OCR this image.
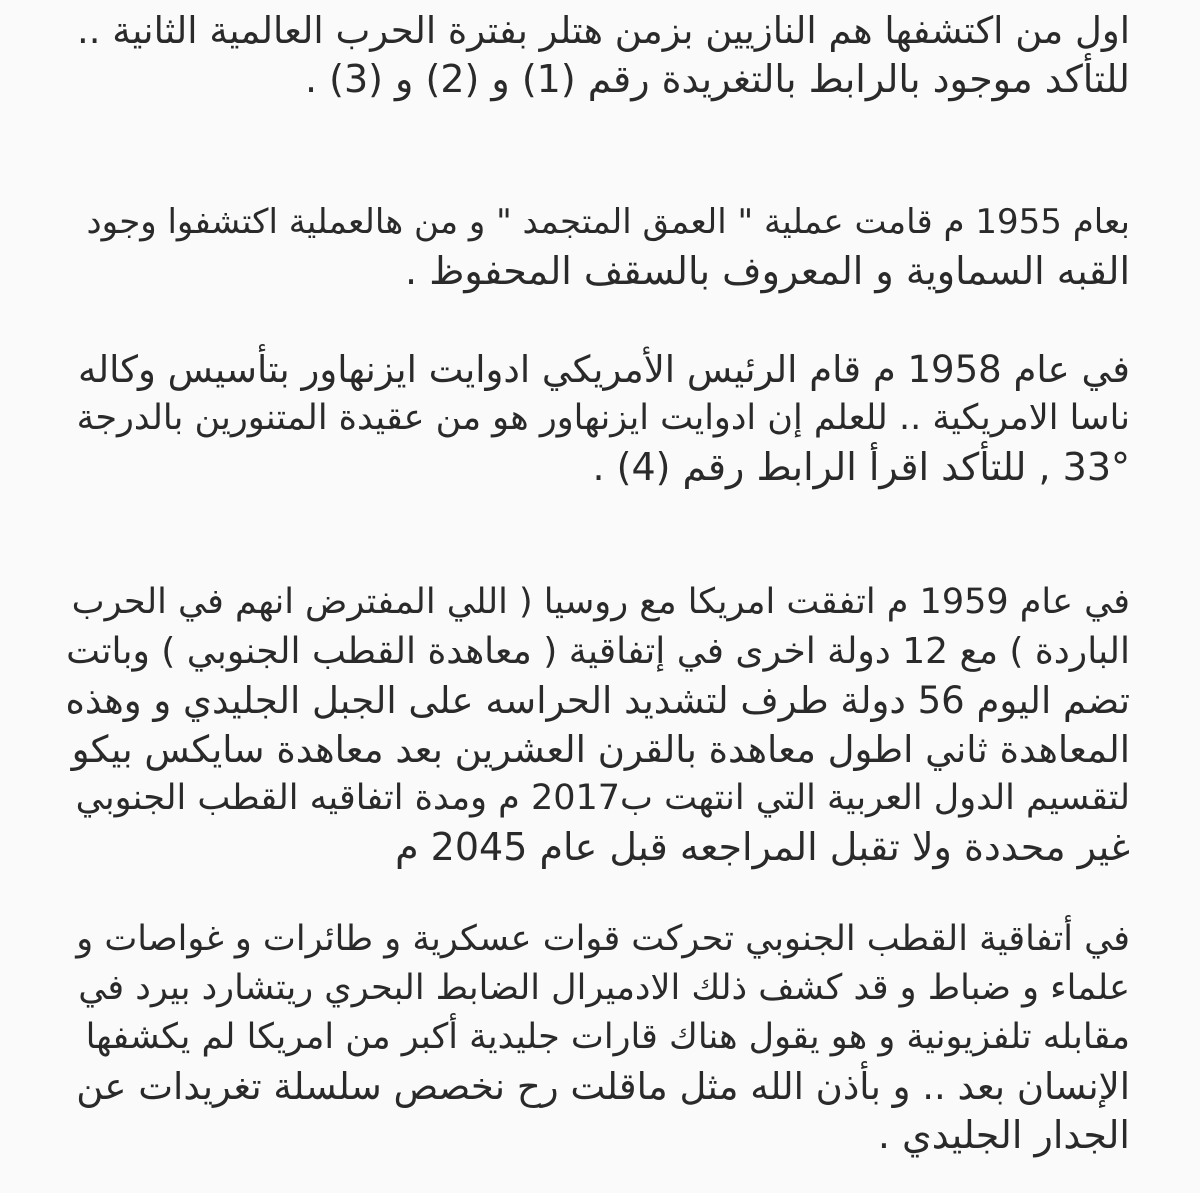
اول من اكتشفها هم النازيين بزمن هتلر بفترة الحرب العالمية الثانية ..
للتأكد موجود بالرابط بالتغريدة رقم (1) و (2) و (3) .
بعام 1955 م قامت عملية " العمق المتجمد " و من هالعملية اكتشفوا وجود
القبه السماوية و المعروف بالسقف المحفوظ .
في عام 1958 م قام الرئيس الأمريكي ادوايت ايزنهاور بتأسيس وكاله
ناسا الامريكية .. للعلم إن ادوايت ايزنهاور هو من عقيدة المتنورين بالدرجة
33° , للتأكد اقرأ الرابط رقم (4) .
في عام 1959 م اتفقت امريكا مع روسيا ( اللي المفترض انهم في الحرب
الباردة ) مع 12 دولة اخرى في إتفاقية ( معاهدة القطب الجنوبي ) وباتت
تضم اليوم 56 دولة طرف لتشديد الحراسه على الجبل الجليدي و وهذه
المعاهدة ثاني اطول معاهدة بالقرن العشرين بعد معاهدة سايكس بيكو
لتقسيم الدول العربية التي انتهت ب2017 م ومدة اتفاقيه القطب الجنوبي
غير محددة ولا تقبل المراجعه قبل عام 2045 م
في أتفاقية القطب الجنوبي تحركت قوات عسكرية و طائرات و غواصات و
علماء و ضباط و قد كشف ذلك الادميرال الضابط البحري ريتشارد بيرد في
مقابله تلفزيونية و هو يقول هناك قارات جليدية أكبر من امريكا لم يكشفها
الإنسان بعد .. و بأذن الله مثل ماقلت رح نخصص سلسلة تغريدات عن
الجدار الجليدي .
